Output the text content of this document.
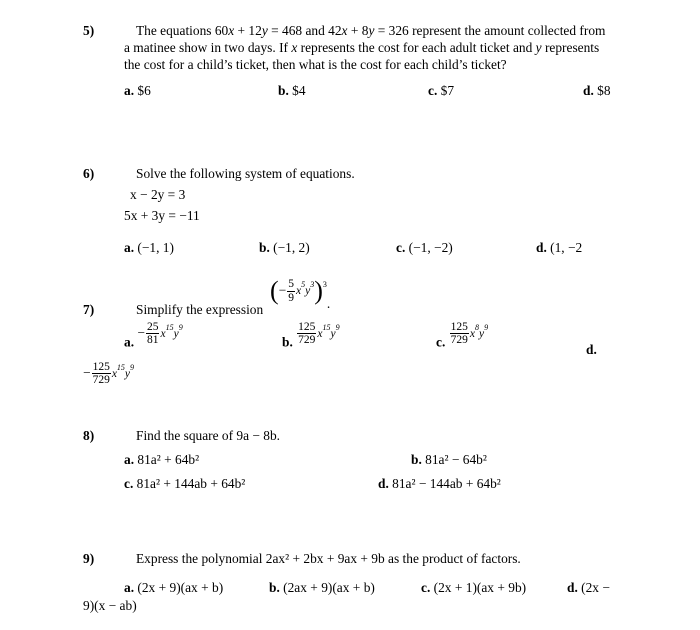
5)	The equations 60x + 12y = 468 and 42x + 8y = 326 represent the amount collected from
a matinee show in two days. If x represents the cost for each adult ticket and y represents
the cost for a child’s ticket, then what is the cost for each child’s ticket?
a. $6	b. $4	c. $7	d. $8
6)	Solve the following system of equations.
x − 2y = 3
5x + 3y = −11
a. (−1, 1)	b. (−1, 2)	c. (−1, −2)	d. (1, −2
7)	Simplify the expression
(− $\frac{5}{9} x^5y^3)^3$.
a. − $\frac{25}{81} x^{15}y^9$
b. $\frac{125}{729} x^{15}y^9$
c. $\frac{125}{729} x^8y^9$
d.
− $\frac{125}{729} x^{15}y^9$
8)	Find the square of 9a − 8b.
a. 81a² + 64b²	b. 81a² − 64b²
c. 81a² + 144ab + 64b²	d. 81a² − 144ab + 64b²
9)	Express the polynomial 2ax² + 2bx + 9ax + 9b as the product of factors.
a. (2x + 9)(ax + b)	b. (2ax + 9)(ax + b)	c. (2x + 1)(ax + 9b)	d. (2x −
9)(x − ab)
